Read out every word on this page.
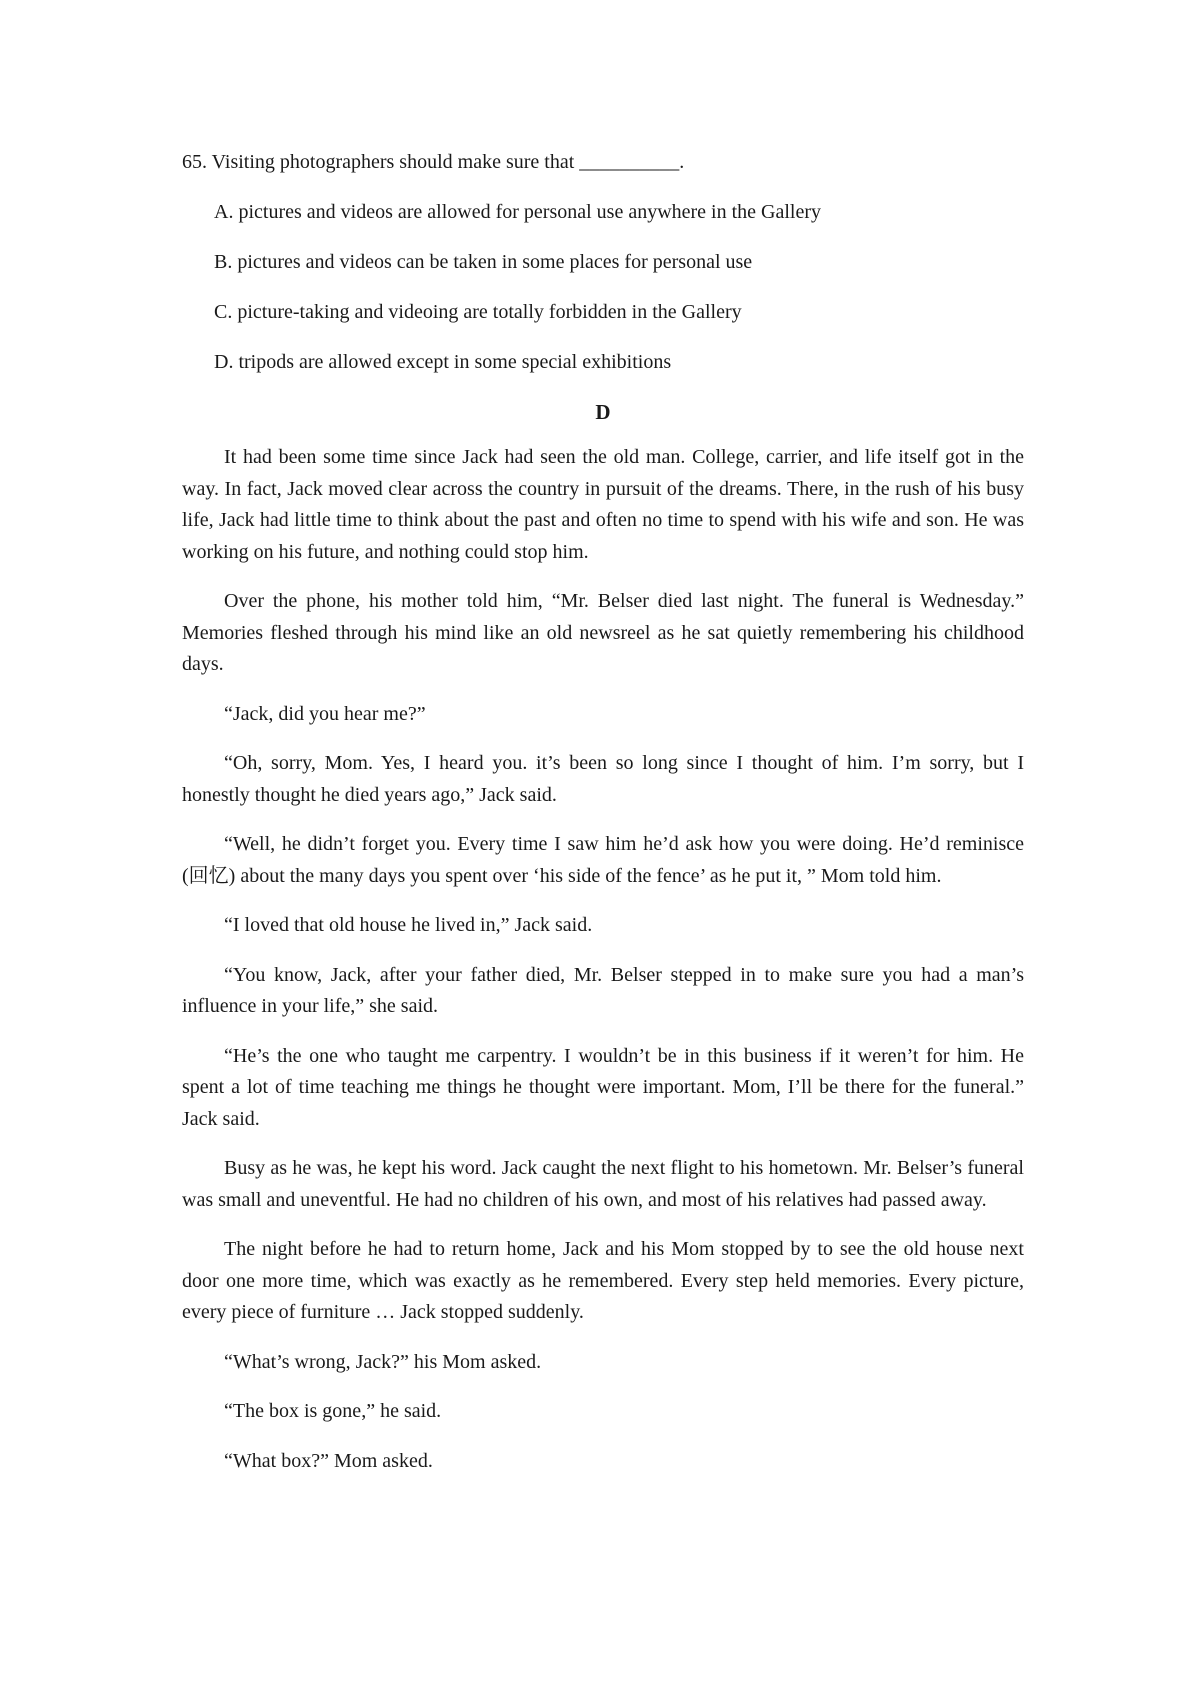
65. Visiting photographers should make sure that __________.

A. pictures and videos are allowed for personal use anywhere in the Gallery
B. pictures and videos can be taken in some places for personal use
C. picture-taking and videoing are totally forbidden in the Gallery
D. tripods are allowed except in some special exhibitions
D

It had been some time since Jack had seen the old man. College, carrier, and life itself got in the way. In fact, Jack moved clear across the country in pursuit of the dreams. There, in the rush of his busy life, Jack had little time to think about the past and often no time to spend with his wife and son. He was working on his future, and nothing could stop him.

Over the phone, his mother told him, “Mr. Belser died last night. The funeral is Wednesday.” Memories fleshed through his mind like an old newsreel as he sat quietly remembering his childhood days.

“Jack, did you hear me?”

“Oh, sorry, Mom. Yes, I heard you. it’s been so long since I thought of him. I’m sorry, but I honestly thought he died years ago,” Jack said.

“Well, he didn’t forget you. Every time I saw him he’d ask how you were doing. He’d reminisce (回忆) about the many days you spent over ‘his side of the fence’ as he put it, ” Mom told him.

“I loved that old house he lived in,” Jack said.

“You know, Jack, after your father died, Mr. Belser stepped in to make sure you had a man’s influence in your life,” she said.

“He’s the one who taught me carpentry. I wouldn’t be in this business if it weren’t for him. He spent a lot of time teaching me things he thought were important. Mom, I’ll be there for the funeral.” Jack said.

Busy as he was, he kept his word. Jack caught the next flight to his hometown. Mr. Belser’s funeral was small and uneventful. He had no children of his own, and most of his relatives had passed away.

The night before he had to return home, Jack and his Mom stopped by to see the old house next door one more time, which was exactly as he remembered. Every step held memories. Every picture, every piece of furniture … Jack stopped suddenly.

“What’s wrong, Jack?” his Mom asked.

“The box is gone,” he said.

“What box?” Mom asked.
